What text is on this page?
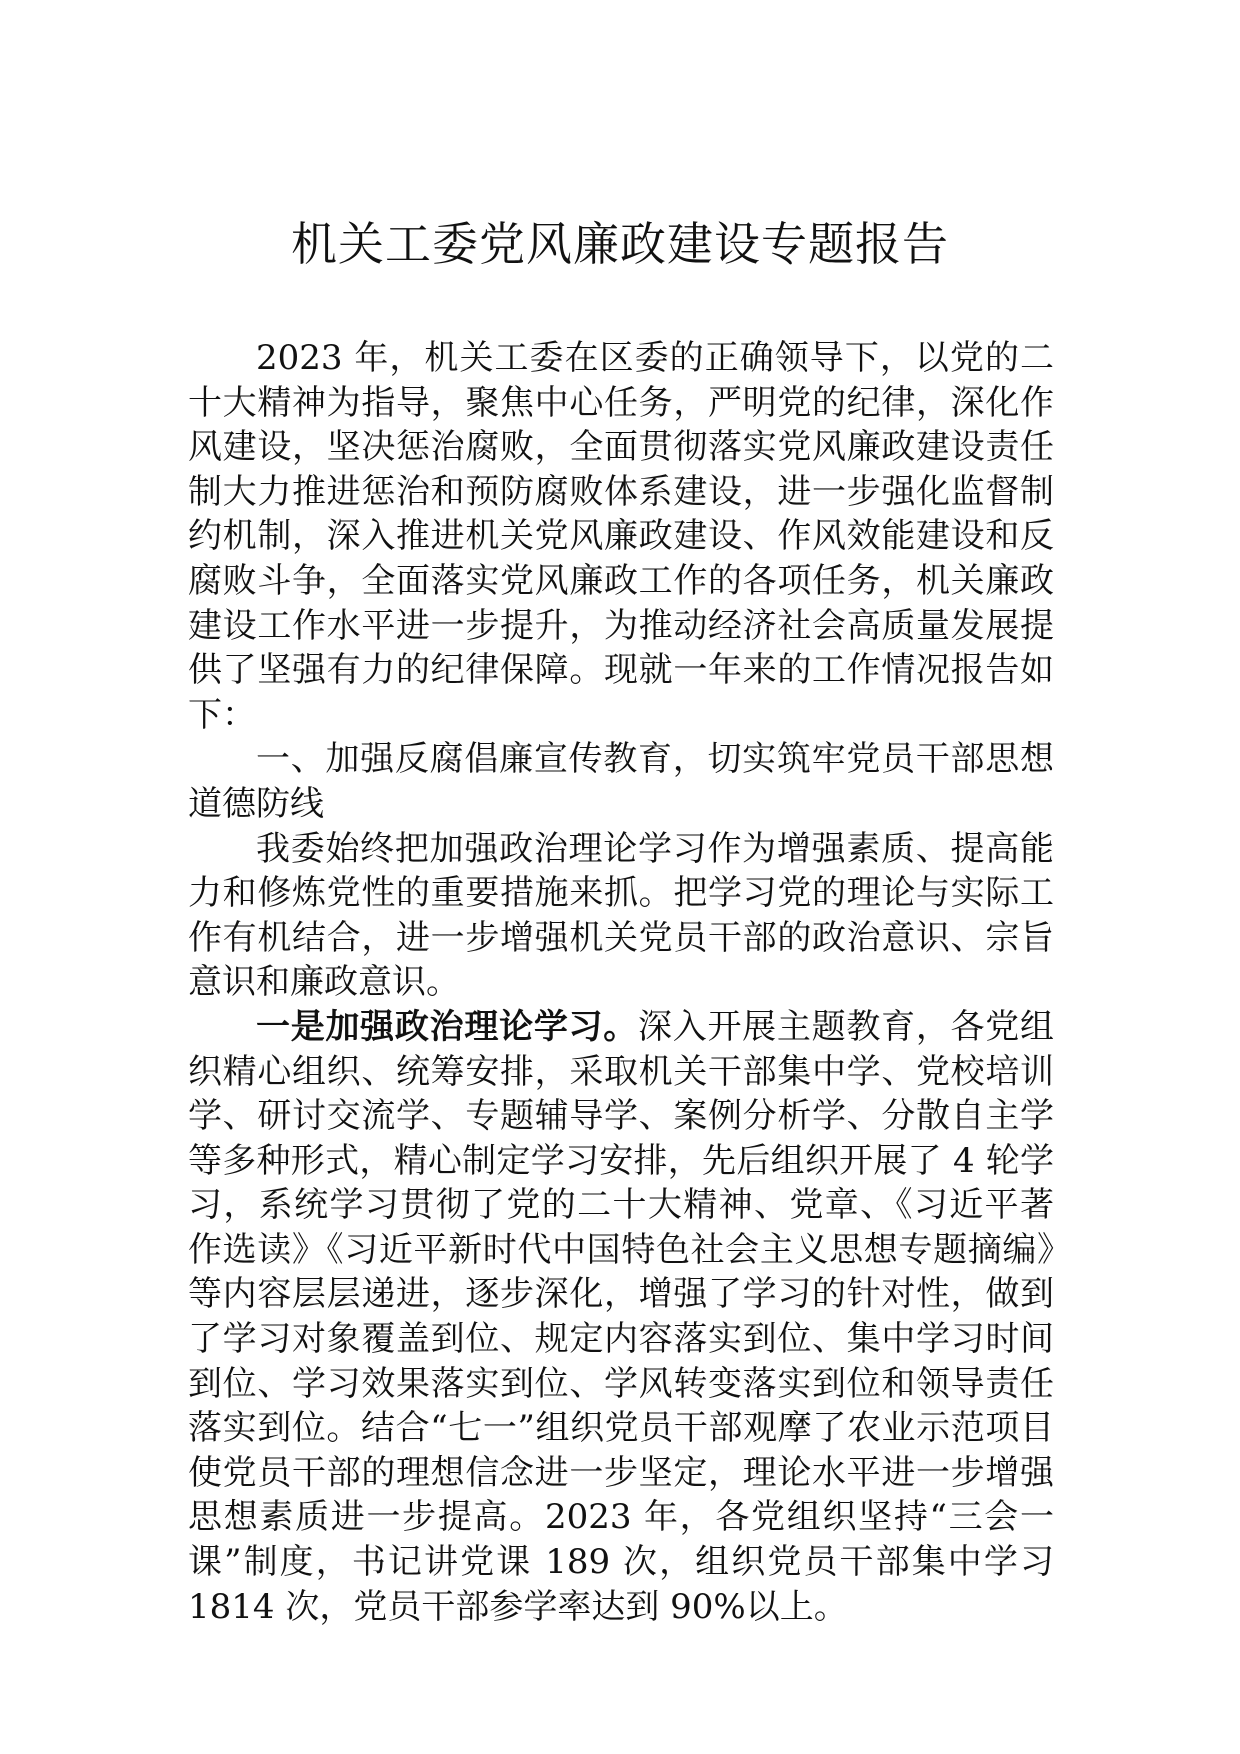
机关工委党风廉政建设专题报告

2023 年，机关工委在区委的正确领导下，以党的二十大精神为指导，聚焦中心任务，严明党的纪律，深化作风建设，坚决惩治腐败，全面贯彻落实党风廉政建设责任制大力推进惩治和预防腐败体系建设，进一步强化监督制约机制，深入推进机关党风廉政建设、作风效能建设和反腐败斗争，全面落实党风廉政工作的各项任务，机关廉政建设工作水平进一步提升，为推动经济社会高质量发展提供了坚强有力的纪律保障。现就一年来的工作情况报告如下：

一、加强反腐倡廉宣传教育，切实筑牢党员干部思想道德防线

我委始终把加强政治理论学习作为增强素质、提高能力和修炼党性的重要措施来抓。把学习党的理论与实际工作有机结合，进一步增强机关党员干部的政治意识、宗旨意识和廉政意识。

一是加强政治理论学习。深入开展主题教育，各党组织精心组织、统筹安排，采取机关干部集中学、党校培训学、研讨交流学、专题辅导学、案例分析学、分散自主学等多种形式，精心制定学习安排，先后组织开展了 4 轮学习，系统学习贯彻了党的二十大精神、党章、《习近平著作选读》《习近平新时代中国特色社会主义思想专题摘编》等内容层层递进，逐步深化，增强了学习的针对性，做到了学习对象覆盖到位、规定内容落实到位、集中学习时间到位、学习效果落实到位、学风转变落实到位和领导责任落实到位。结合“七一”组织党员干部观摩了农业示范项目使党员干部的理想信念进一步坚定，理论水平进一步增强思想素质进一步提高。2023 年，各党组织坚持“三会一课”制度，书记讲党课 189 次，组织党员干部集中学习 1814 次，党员干部参学率达到 90%以上。
